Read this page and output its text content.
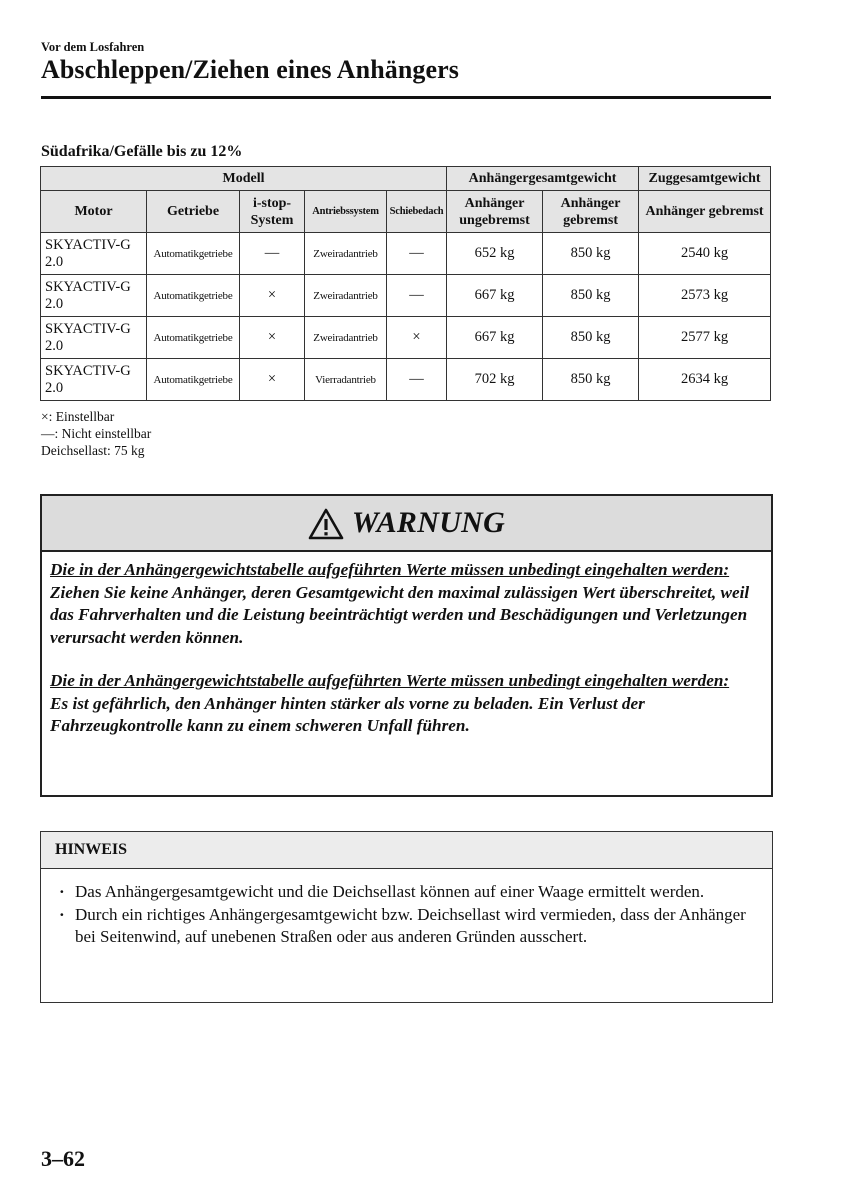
Vor dem Losfahren
Abschleppen/Ziehen eines Anhängers
Südafrika/Gefälle bis zu 12%
Modell					Anhängergesamtgewicht		Zuggesamtgewicht
Motor	Getriebe	i-stop-System	Antriebssystem	Schiebedach	Anhänger ungebremst	Anhänger gebremst	Anhänger gebremst
SKYACTIV-G 2.0	Automatikgetriebe	—	Zweiradantrieb	—	652 kg	850 kg	2540 kg
SKYACTIV-G 2.0	Automatikgetriebe	×	Zweiradantrieb	—	667 kg	850 kg	2573 kg
SKYACTIV-G 2.0	Automatikgetriebe	×	Zweiradantrieb	×	667 kg	850 kg	2577 kg
SKYACTIV-G 2.0	Automatikgetriebe	×	Vierradantrieb	—	702 kg	850 kg	2634 kg
×: Einstellbar
—: Nicht einstellbar
Deichsellast: 75 kg
WARNUNG
Die in der Anhängergewichtstabelle aufgeführten Werte müssen unbedingt eingehalten werden:
Ziehen Sie keine Anhänger, deren Gesamtgewicht den maximal zulässigen Wert überschreitet, weil das Fahrverhalten und die Leistung beeinträchtigt werden und Beschädigungen und Verletzungen verursacht werden können.
Die in der Anhängergewichtstabelle aufgeführten Werte müssen unbedingt eingehalten werden:
Es ist gefährlich, den Anhänger hinten stärker als vorne zu beladen. Ein Verlust der Fahrzeugkontrolle kann zu einem schweren Unfall führen.
HINWEIS
· Das Anhängergesamtgewicht und die Deichsellast können auf einer Waage ermittelt werden.
· Durch ein richtiges Anhängergesamtgewicht bzw. Deichsellast wird vermieden, dass der Anhänger bei Seitenwind, auf unebenen Straßen oder aus anderen Gründen ausschert.
3–62
